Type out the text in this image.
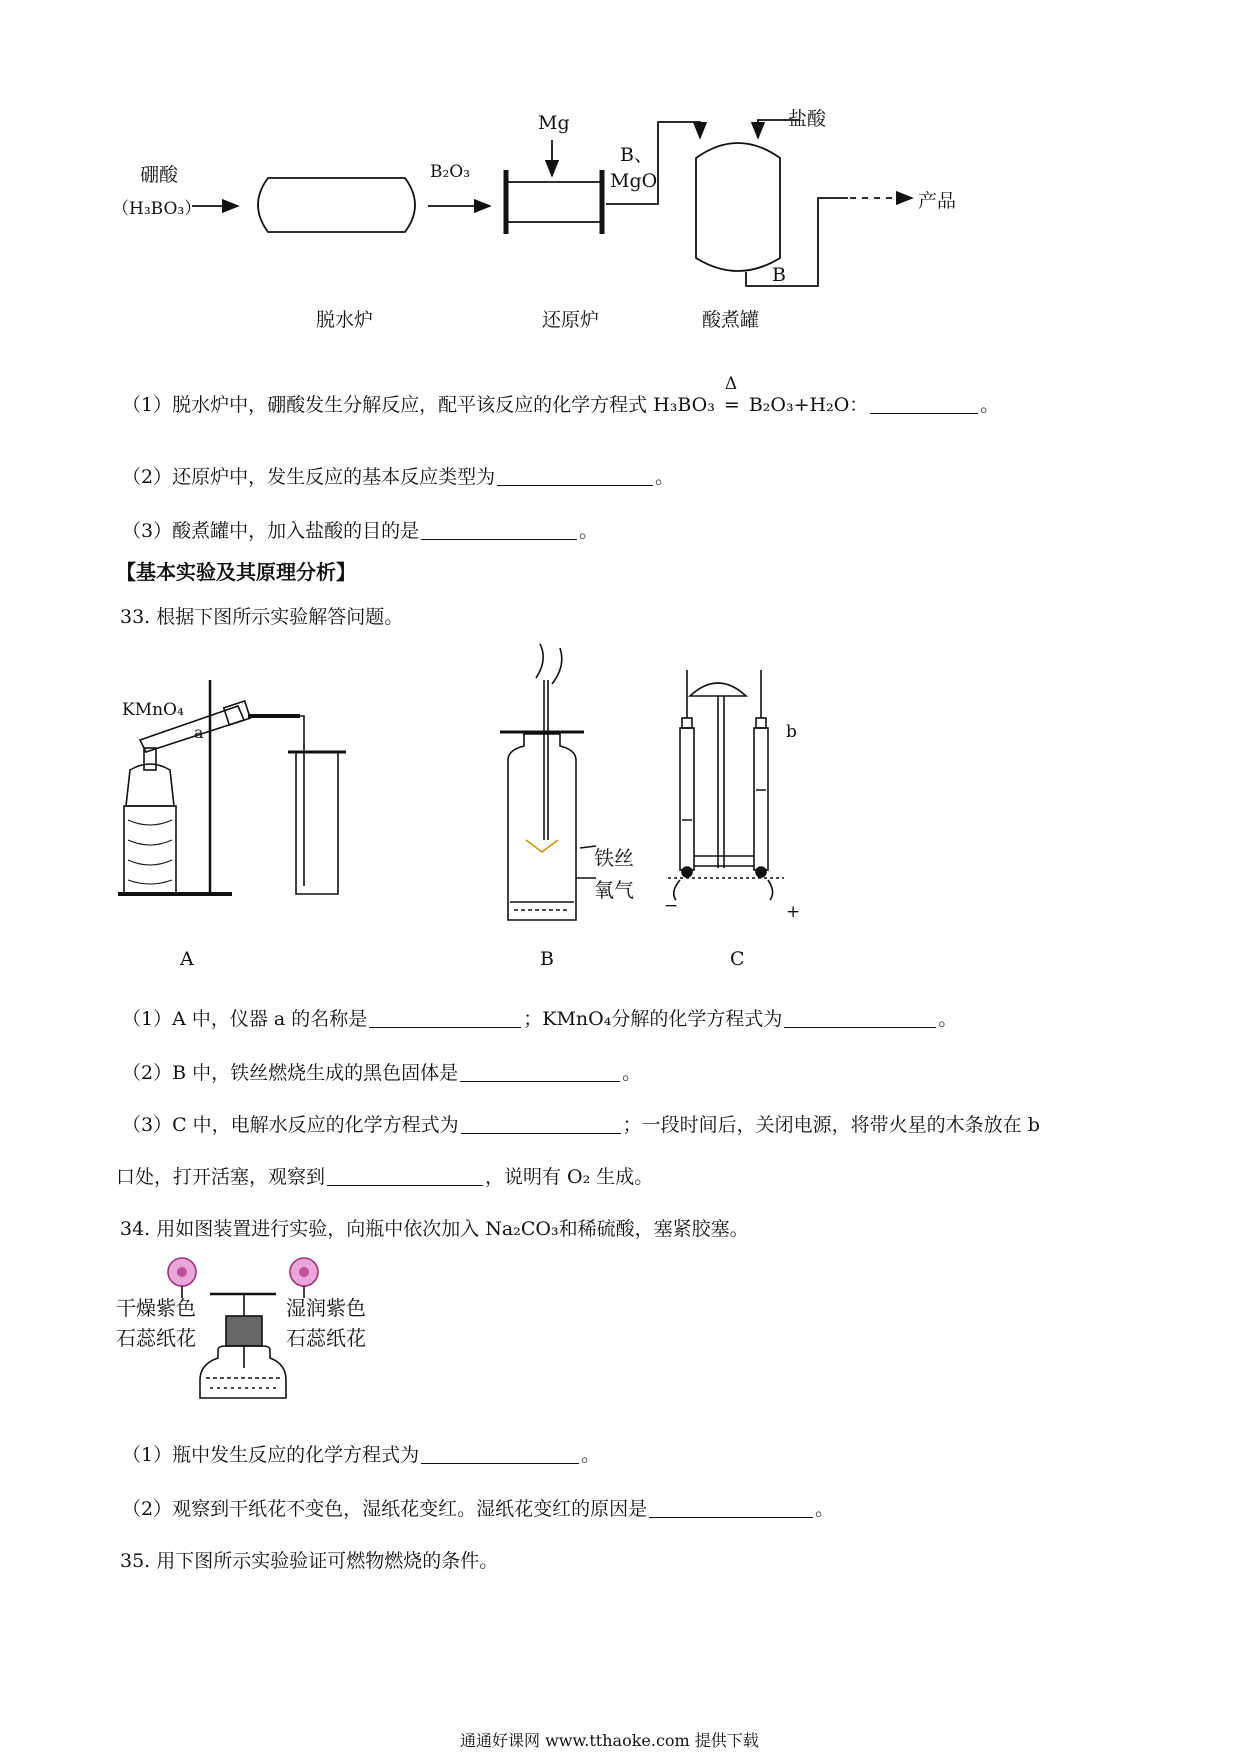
硼酸
（H₃BO₃）
B₂O₃
Mg
B、
MgO
盐酸
产品
B
脱水炉	还原炉	酸煮罐
（1）脱水炉中，硼酸发生分解反应，配平该反应的化学方程式 H₃BO₃
Δ
= B₂O₃+H₂O：	。
（2）还原炉中，发生反应的基本反应类型为	。
（3）酸煮罐中，加入盐酸的目的是	。
【基本实验及其原理分析】
33. 根据下图所示实验解答问题。
KMnO₄
a
铁丝
氧气
b
−	+
A	B	C
（1）A 中，仪器 a 的名称是	；KMnO₄分解的化学方程式为	。
（2）B 中，铁丝燃烧生成的黑色固体是	。
（3）C 中，电解水反应的化学方程式为	；一段时间后，关闭电源，将带火星的木条放在 b
口处，打开活塞，观察到	，说明有 O₂ 生成。
34. 用如图装置进行实验，向瓶中依次加入 Na₂CO₃和稀硫酸，塞紧胶塞。
干燥紫色
石蕊纸花
湿润紫色
石蕊纸花
（1）瓶中发生反应的化学方程式为	。
（2）观察到干纸花不变色，湿纸花变红。湿纸花变红的原因是	。
35. 用下图所示实验验证可燃物燃烧的条件。
通通好课网 www.tthaoke.com 提供下载
